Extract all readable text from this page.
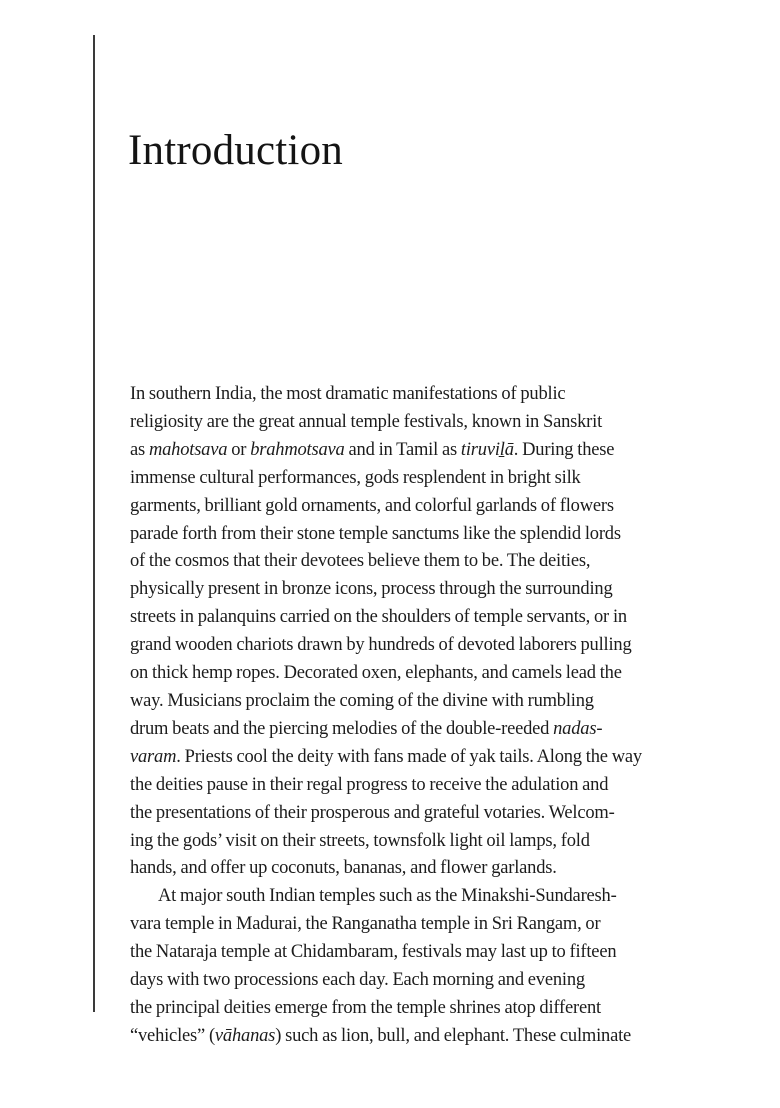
Introduction
In southern India, the most dramatic manifestations of public
religiosity are the great annual temple festivals, known in Sanskrit
as mahotsava or brahmotsava and in Tamil as tiruviḻā. During these
immense cultural performances, gods resplendent in bright silk
garments, brilliant gold ornaments, and colorful garlands of flowers
parade forth from their stone temple sanctums like the splendid lords
of the cosmos that their devotees believe them to be. The deities,
physically present in bronze icons, process through the surrounding
streets in palanquins carried on the shoulders of temple servants, or in
grand wooden chariots drawn by hundreds of devoted laborers pulling
on thick hemp ropes. Decorated oxen, elephants, and camels lead the
way. Musicians proclaim the coming of the divine with rumbling
drum beats and the piercing melodies of the double-reeded nadas-
varam. Priests cool the deity with fans made of yak tails. Along the way
the deities pause in their regal progress to receive the adulation and
the presentations of their prosperous and grateful votaries. Welcom-
ing the gods’ visit on their streets, townsfolk light oil lamps, fold
hands, and offer up coconuts, bananas, and flower garlands.
At major south Indian temples such as the Minakshi-Sundaresh-
vara temple in Madurai, the Ranganatha temple in Sri Rangam, or
the Nataraja temple at Chidambaram, festivals may last up to fifteen
days with two processions each day. Each morning and evening
the principal deities emerge from the temple shrines atop different
“vehicles” (vāhanas) such as lion, bull, and elephant. These culminate
